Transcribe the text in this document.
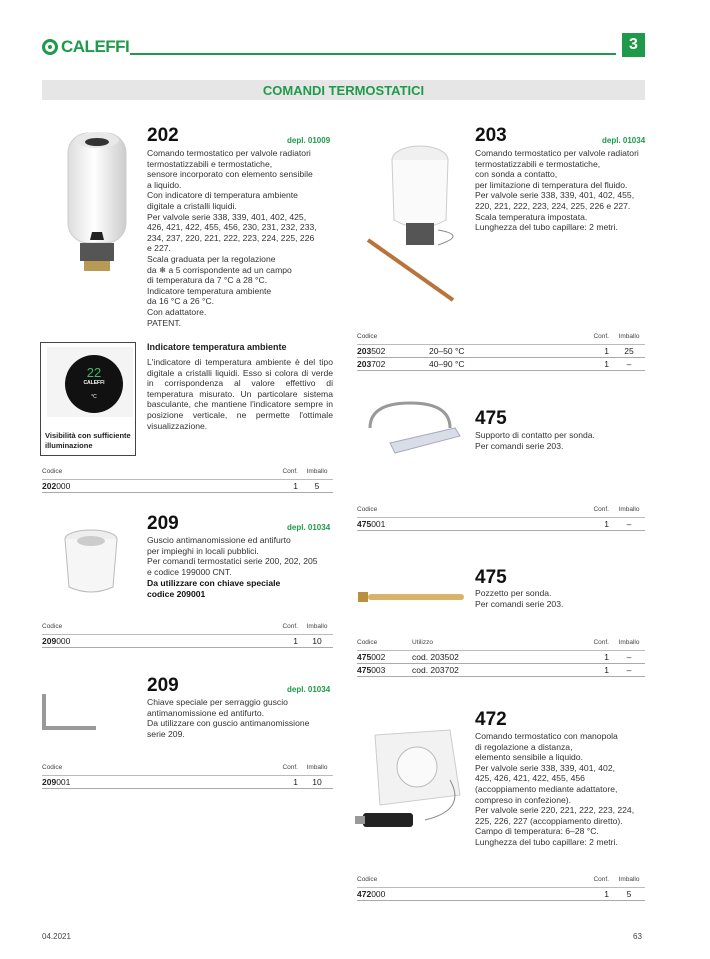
CALEFFI	3
COMANDI TERMOSTATICI
202	depl. 01009
Comando termostatico per valvole radiatori
termostatizzabili e termostatiche,
sensore incorporato con elemento sensibile
a liquido.
Con indicatore di temperatura ambiente
digitale a cristalli liquidi.
Per valvole serie 338, 339, 401, 402, 425,
426, 421, 422, 455, 456, 230, 231, 232, 233,
234, 237, 220, 221, 222, 223, 224, 225, 226
e 227.
Scala graduata per la regolazione
da ❄ a 5 corrispondente ad un campo
di temperatura da 7 °C a 28 °C.
Indicatore temperatura ambiente
da 16 °C a 26 °C.
Con adattatore.
PATENT.
22
CALEFFI
°C
Visibilità con sufficiente illuminazione
Indicatore temperatura ambiente
L'indicatore di temperatura ambiente è del tipo digitale a cristalli liquidi. Esso si colora di verde in corrispondenza al valore effettivo di temperatura misurato. Un particolare sistema basculante, che mantiene l'indicatore sempre in posizione verticale, ne permette l'ottimale visualizzazione.
Codice	Conf.	Imballo
202000	1	5
209	depl. 01034
Guscio antimanomissione ed antifurto
per impieghi in locali pubblici.
Per comandi termostatici serie 200, 202, 205
e codice 199000 CNT.
Da utilizzare con chiave speciale
codice 209001
Codice	Conf.	Imballo
209000	1	10
209	depl. 01034
Chiave speciale per serraggio guscio
antimanomissione ed antifurto.
Da utilizzare con guscio antimanomissione
serie 209.
Codice	Conf.	Imballo
209001	1	10
203	depl. 01034
Comando termostatico per valvole radiatori
termostatizzabili e termostatiche,
con sonda a contatto,
per limitazione di temperatura del fluido.
Per valvole serie 338, 339, 401, 402, 455,
220, 221, 222, 223, 224, 225, 226 e 227.
Scala temperatura impostata.
Lunghezza del tubo capillare: 2 metri.
Codice	Conf.	Imballo
203502	20–50 °C	1	25
203702	40–90 °C	1	–
475
Supporto di contatto per sonda.
Per comandi serie 203.
Codice	Conf.	Imballo
475001	1	–
475
Pozzetto per sonda.
Per comandi serie 203.
Codice	Utilizzo	Conf.	Imballo
475002	cod. 203502	1	–
475003	cod. 203702	1	–
472
Comando termostatico con manopola
di regolazione a distanza,
elemento sensibile a liquido.
Per valvole serie 338, 339, 401, 402,
425, 426, 421, 422, 455, 456
(accoppiamento mediante adattatore,
compreso in confezione).
Per valvole serie 220, 221, 222, 223, 224,
225, 226, 227 (accoppiamento diretto).
Campo di temperatura: 6–28 °C.
Lunghezza del tubo capillare: 2 metri.
Codice	Conf.	Imballo
472000	1	5
04.2021	63
